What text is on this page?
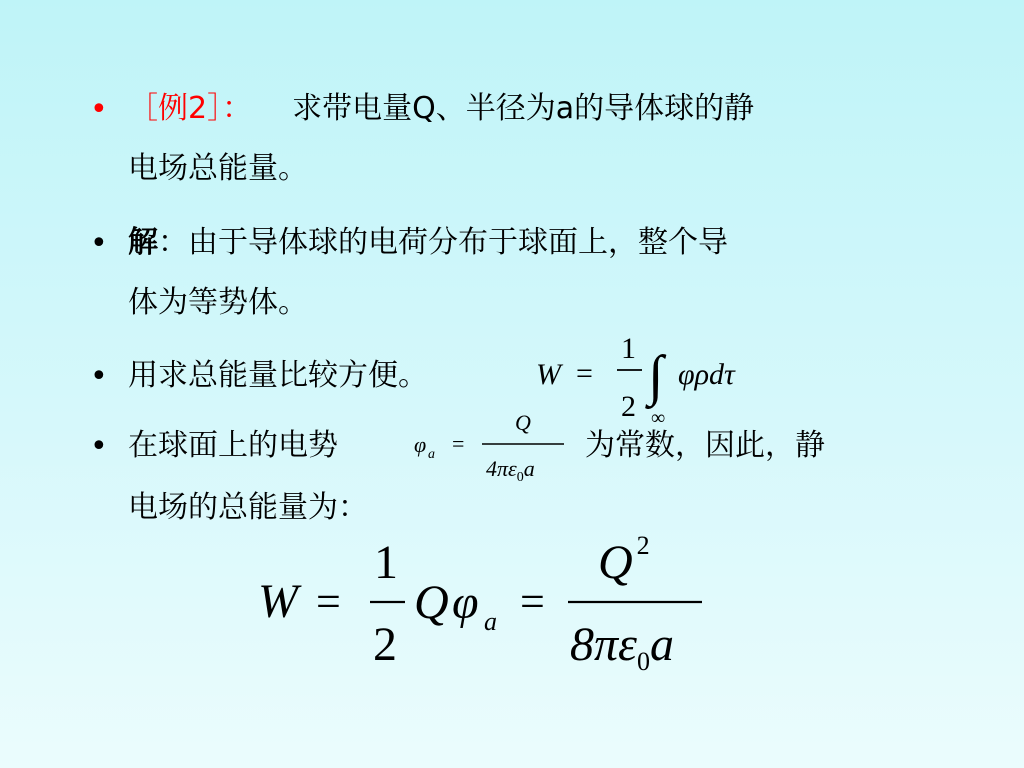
• ［例2］： 求带电量Q、半径为a的导体球的静
电场总能量。
• 解：由于导体球的电荷分布于球面上，整个导
体为等势体。
• 用求总能量比较方便。	W =
1
2 ∫
∞
φρdτ
• 在球面上的电势	φ a =
Q
$4\pi\varepsilon_0a$
为常数，因此，静
电场的总能量为：
W =
1
2
Q φ a =
Q $^2$
$8\pi\varepsilon_0a$
